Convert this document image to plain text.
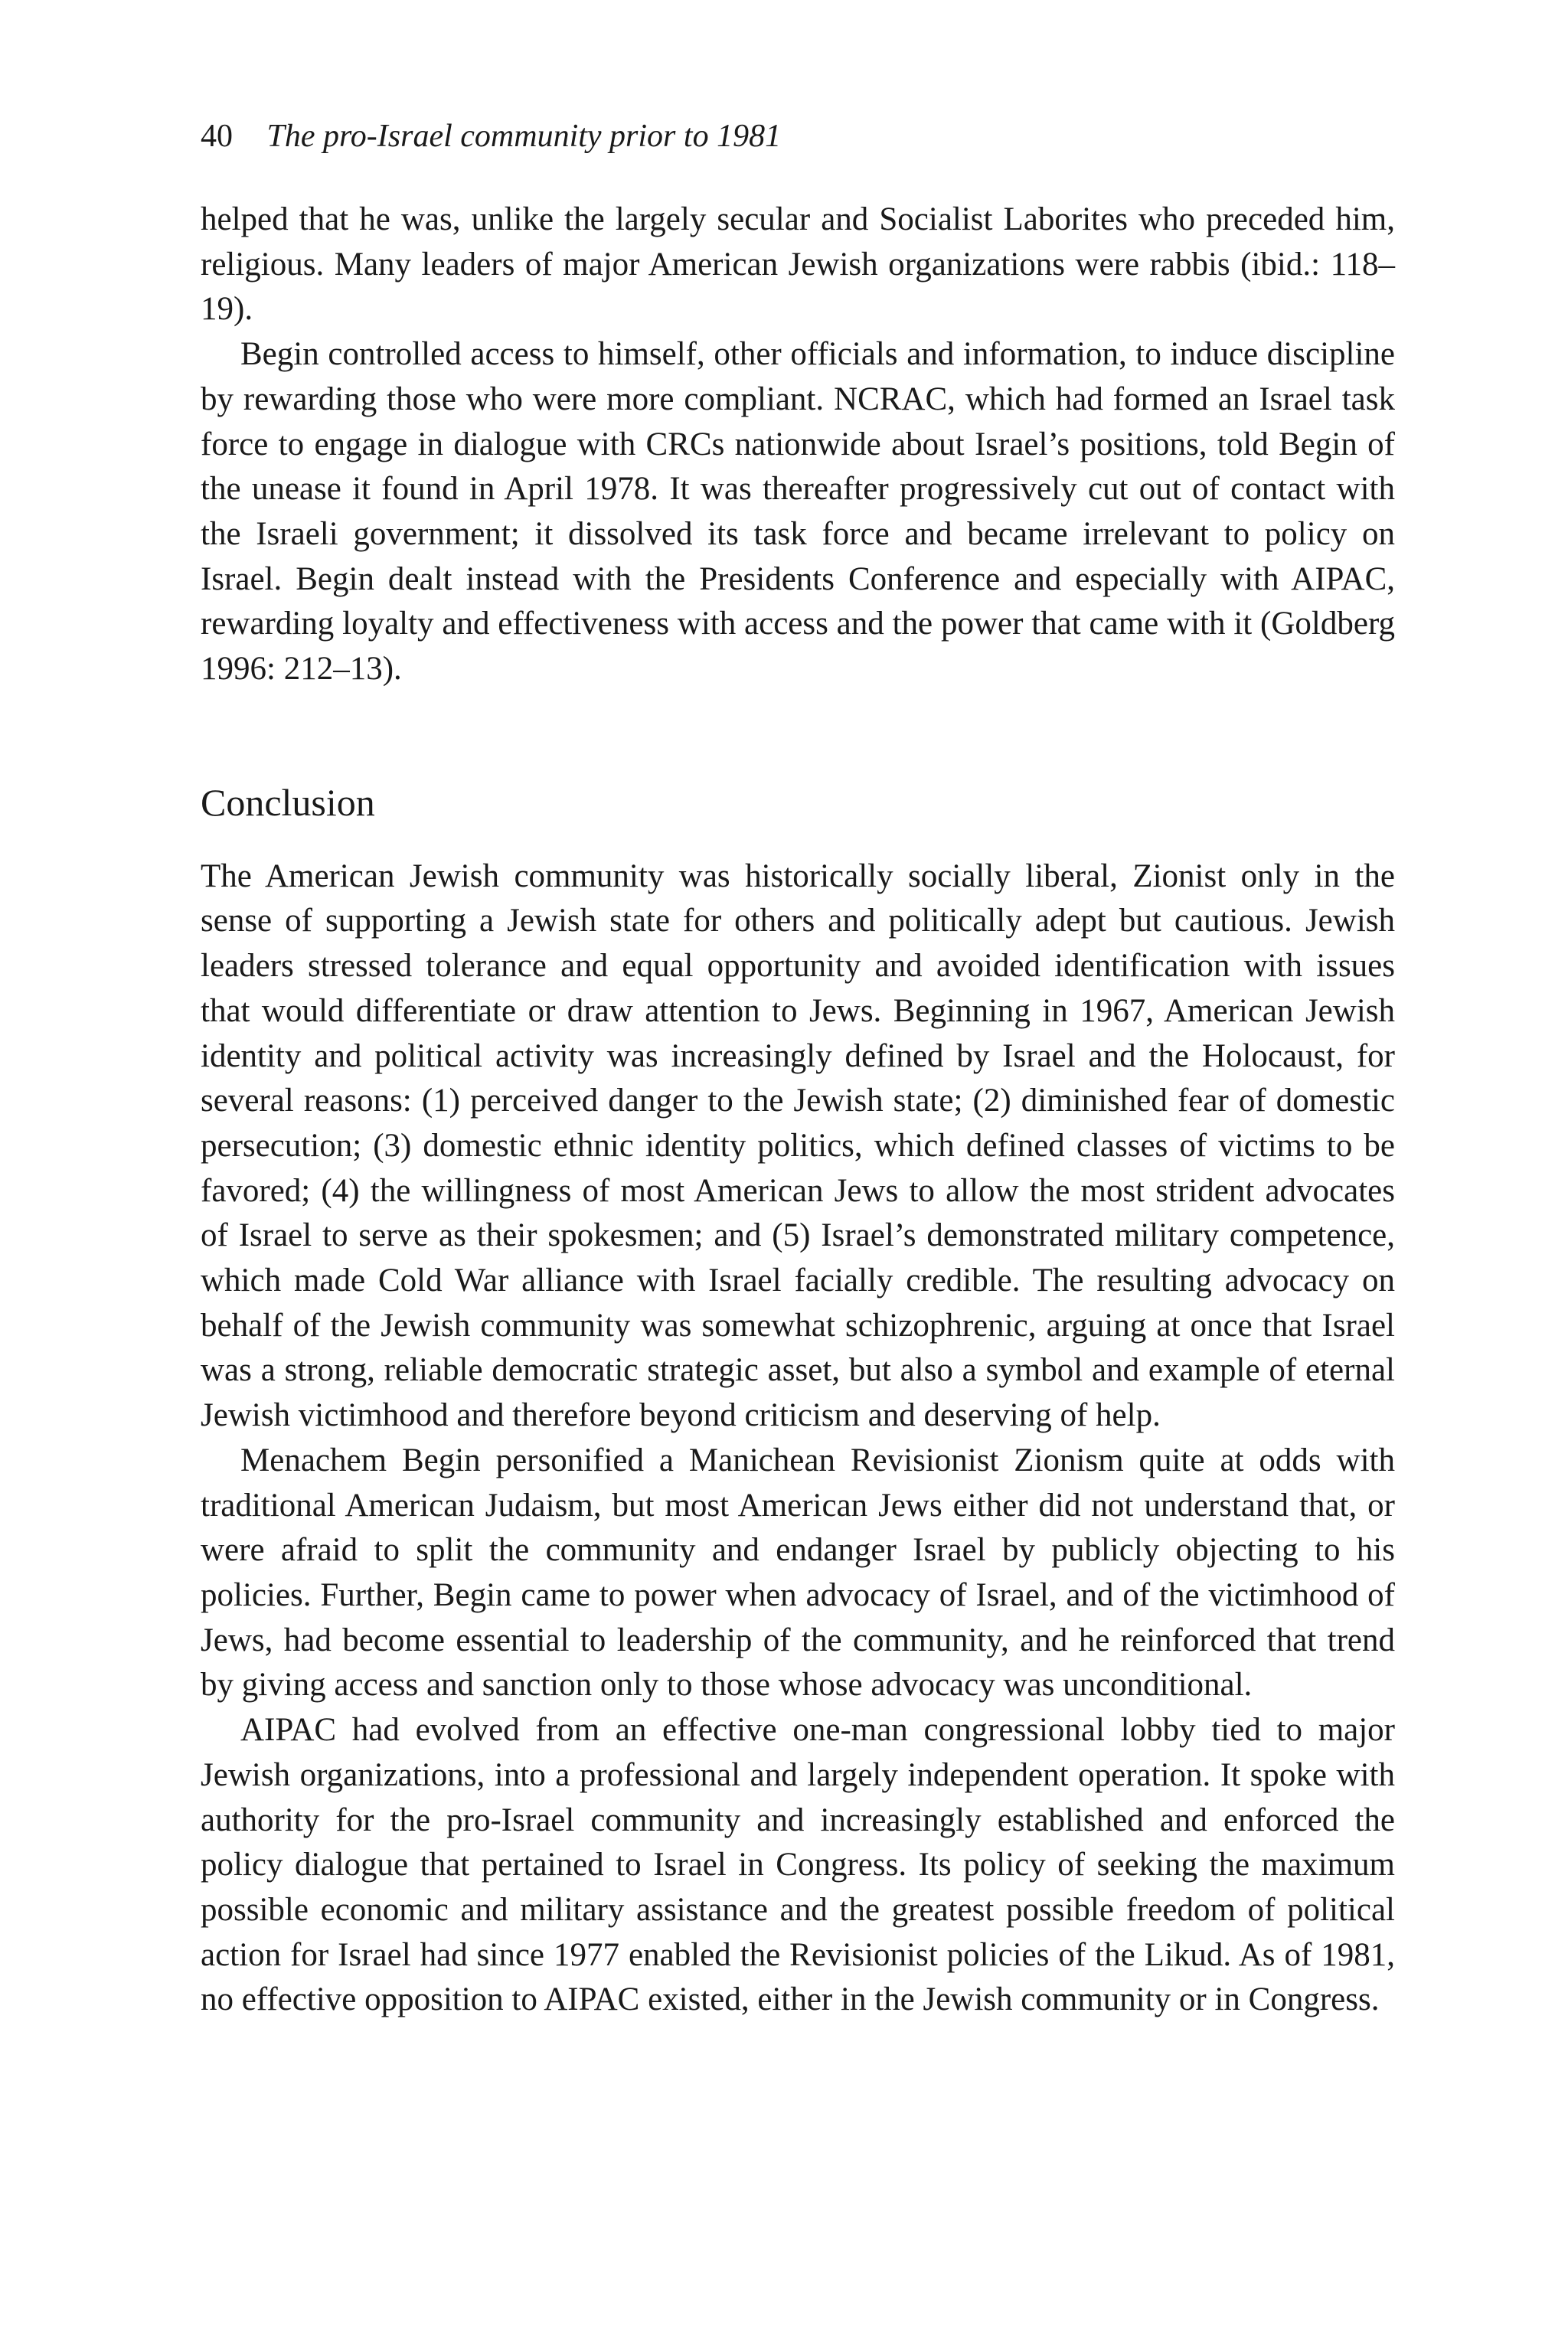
40 The pro-Israel community prior to 1981

helped that he was, unlike the largely secular and Socialist Laborites who preceded him, religious. Many leaders of major American Jewish organizations were rabbis (ibid.: 118–19).

Begin controlled access to himself, other officials and information, to induce discipline by rewarding those who were more compliant. NCRAC, which had formed an Israel task force to engage in dialogue with CRCs nationwide about Israel’s positions, told Begin of the unease it found in April 1978. It was thereafter progressively cut out of contact with the Israeli government; it dissolved its task force and became irrelevant to policy on Israel. Begin dealt instead with the Presidents Conference and especially with AIPAC, rewarding loyalty and effectiveness with access and the power that came with it (Goldberg 1996: 212–13).

Conclusion

The American Jewish community was historically socially liberal, Zionist only in the sense of supporting a Jewish state for others and politically adept but cautious. Jewish leaders stressed tolerance and equal opportunity and avoided identification with issues that would differentiate or draw attention to Jews. Beginning in 1967, American Jewish identity and political activity was increasingly defined by Israel and the Holocaust, for several reasons: (1) perceived danger to the Jewish state; (2) diminished fear of domestic persecution; (3) domestic ethnic identity politics, which defined classes of victims to be favored; (4) the willingness of most American Jews to allow the most strident advocates of Israel to serve as their spokesmen; and (5) Israel’s demonstrated military competence, which made Cold War alliance with Israel facially credible. The resulting advocacy on behalf of the Jewish community was somewhat schizophrenic, arguing at once that Israel was a strong, reliable democratic strategic asset, but also a symbol and example of eternal Jewish victimhood and therefore beyond criticism and deserving of help.

Menachem Begin personified a Manichean Revisionist Zionism quite at odds with traditional American Judaism, but most American Jews either did not understand that, or were afraid to split the community and endanger Israel by publicly objecting to his policies. Further, Begin came to power when advocacy of Israel, and of the victimhood of Jews, had become essential to leadership of the community, and he reinforced that trend by giving access and sanction only to those whose advocacy was unconditional.

AIPAC had evolved from an effective one-man congressional lobby tied to major Jewish organizations, into a professional and largely independent operation. It spoke with authority for the pro-Israel community and increasingly established and enforced the policy dialogue that pertained to Israel in Congress. Its policy of seeking the maximum possible economic and military assistance and the greatest possible freedom of political action for Israel had since 1977 enabled the Revisionist policies of the Likud. As of 1981, no effective opposition to AIPAC existed, either in the Jewish community or in Congress.
